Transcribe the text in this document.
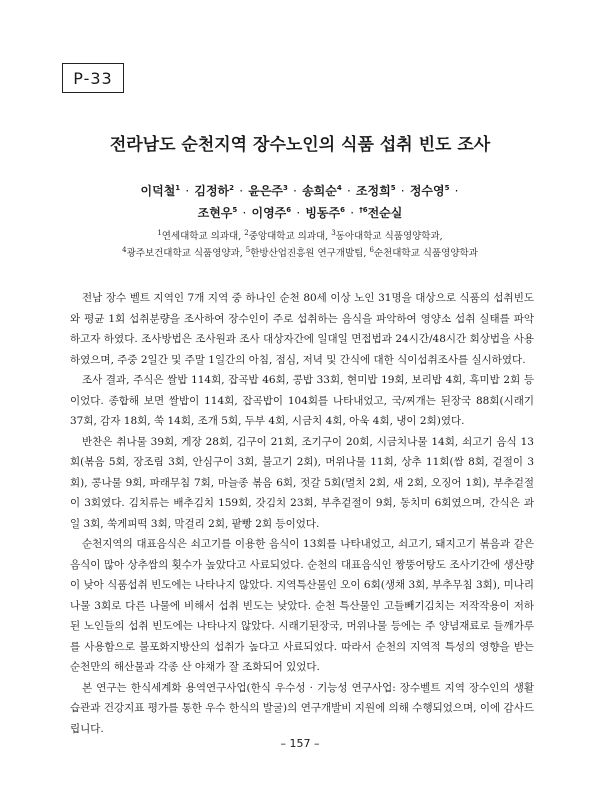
P-33
전라남도 순천지역 장수노인의 식품 섭취 빈도 조사
이덕철$^1$ · 김정하$^2$ · 윤은주$^3$ · 송희순$^4$ · 조정희$^5$ · 정수영$^5$ ·
조현우$^5$ · 이영주$^6$ · 빙동주$^6$ · $^{\dagger 6}$전순실
$^1$연세대학교 의과대, $^2$중앙대학교 의과대, $^3$동아대학교 식품영양학과,
$^4$광주보건대학교 식품영양과, $^5$한방산업진흥원 연구개발팀, $^6$순천대학교 식품영양학과

전남 장수 벨트 지역인 7개 지역 중 하나인 순천 80세 이상 노인 31명을 대상으로 식품의 섭취빈도와 평균 1회 섭취분량을 조사하여 장수인이 주로 섭취하는 음식을 파악하여 영양소 섭취 실태를 파악하고자 하였다. 조사방법은 조사원과 조사 대상자간에 일대일 면접법과 24시간/48시간 회상법을 사용하였으며, 주중 2일간 및 주말 1일간의 아침, 점심, 저녁 및 간식에 대한 식이섭취조사를 실시하였다.

조사 결과, 주식은 쌀밥 114회, 잡곡밥 46회, 콩밥 33회, 현미밥 19회, 보리밥 4회, 흑미밥 2회 등이었다. 종합해 보면 쌀밥이 114회, 잡곡밥이 104회를 나타내었고, 국/찌개는 된장국 88회(시래기 37회, 감자 18회, 쑥 14회, 조개 5회, 두부 4회, 시금치 4회, 아욱 4회, 냉이 2회)였다.

반찬은 취나물 39회, 게장 28회, 김구이 21회, 조기구이 20회, 시금치나물 14회, 쇠고기 음식 13회(볶음 5회, 장조림 3회, 안심구이 3회, 불고기 2회), 머위나물 11회, 상추 11회(쌈 8회, 겉절이 3회), 콩나물 9회, 파래무침 7회, 마늘종 볶음 6회, 젓갈 5회(멸치 2회, 새 2회, 오징어 1회), 부추겉절이 3회였다. 김치류는 배추김치 159회, 갓김치 23회, 부추겉절이 9회, 동치미 6회였으며, 간식은 과일 3회, 쑥게피떡 3회, 막걸리 2회, 팥빵 2회 등이었다.

순천지역의 대표음식은 쇠고기를 이용한 음식이 13회를 나타내었고, 쇠고기, 돼지고기 볶음과 같은 음식이 많아 상추쌈의 횟수가 높았다고 사료되었다. 순천의 대표음식인 짱뚱어탕도 조사기간에 생산량이 낮아 식품섭취 빈도에는 나타나지 않았다. 지역특산물인 오이 6회(생채 3회, 부추무침 3회), 미나리나물 3회로 다른 나물에 비해서 섭취 빈도는 낮았다. 순천 특산물인 고들빼기김치는 저작작용이 저하된 노인들의 섭취 빈도에는 나타나지 않았다. 시래기된장국, 머위나물 등에는 주 양념재료로 들깨가루를 사용함으로 불포화지방산의 섭취가 높다고 사료되었다. 따라서 순천의 지역적 특성의 영향을 받는 순천만의 해산물과 각종 산 야채가 잘 조화되어 있었다.

본 연구는 한식세계화 용역연구사업(한식 우수성 · 기능성 연구사업: 장수벨트 지역 장수인의 생활습관과 건강지표 평가를 통한 우수 한식의 발굴)의 연구개발비 지원에 의해 수행되었으며, 이에 감사드립니다.

– 157 –
